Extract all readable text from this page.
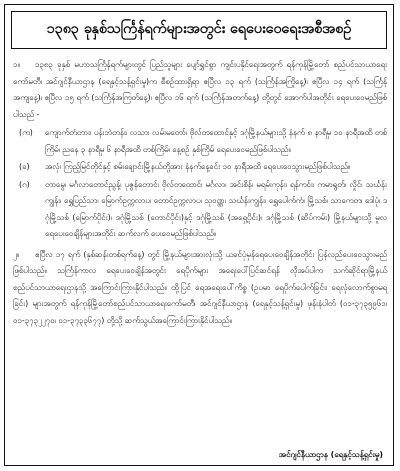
၁၃၈၃ ခုနှစ်သင်္ကြန်ရက်များအတွင်း ရေပေးဝေရေးအစီအစဉ်

၁။ ၁၃၈၃ ခုနှစ် မဟာသင်္ကြန်ရက်များတွင် ပြည်သူများ ပျော်ရွှင်စွာ ကျင်းပနိုင်ရေးအတွက် ရန်ကုန်မြို့တော် စည်ပင်သာယာရေးကော်မတီ၊ အင်ဂျင်နီယာဌာန (ရေနှင့်သန့်ရှင်းမှု)က စီစဉ်ထားရှိရာ ဧပြီလ ၁၃ ရက် (သင်္ကြန်အကြိုနေ့)၊ ဧပြီလ ၁၄ ရက် (သင်္ကြန်အကျနေ့)၊ ဧပြီလ ၁၅ ရက် (သင်္ကြန်အကြတ်နေ့)၊ ဧပြီလ ၁၆ ရက် (သင်္ကြန်အတက်နေ့) တို့တွင် အောက်ပါအတိုင်း ရေပေးဝေမည်ဖြစ်ပါသည် -

(က)	ကျောက်တံတား၊ ပန်းဘဲတန်း၊ လသာ၊ လမ်းမတော်၊ ဗိုလ်တထောင်နှင့် ဒဂုံမြို့နယ်များသို့ နံနက် ၈ နာရီမှ ၁၀ နာရီအထိ တစ်ကြိမ်၊ ညနေ ၃ နာရီမှ ၆ နာရီအထိ တစ်ကြိမ်၊ နေ့စဉ် နှစ်ကြိမ် ရေပေးဝေမည်ဖြစ်ပါသည်။
(ခ)	အလုံ၊ ကြည့်မြင်တိုင်နှင့် စမ်းချောင်းမြို့နယ်တို့အား နံနက်နေ့ခင်း ၁၀ နာရီအထိ ရေပေးဝေသွားမည်ဖြစ်ပါသည်။
(ဂ)	တာမွေ၊ မင်္ဂလာတောင်ညွန့်၊ ပုဇွန်တောင်၊ ဗိုလ်တထောင်၊ မင်္ဂလာ၊ အင်းစိန်၊ မရမ်းကုန်း၊ ရန်ကင်း၊ ကမာရွတ်၊ လှိုင်၊ သင်္ဃန်းကျွန်း၊ ရွှေပြည်သာ၊ မြောက်ဥက္ကလာပ၊ တောင်ဥက္ကလာပ၊ သုဝဏ္ဏ၊ သင်္ဃန်းကျွန်း၊ ရွှေပေါက်ကံ၊ မြို့သစ်၊ သာကေတ၊ ဒေါပုံ၊ ဒဂုံမြို့သစ် (မြောက်ပိုင်း)၊ ဒဂုံမြို့သစ် (တောင်ပိုင်း)နှင့် ဒဂုံမြို့သစ် (အရှေ့ပိုင်း)၊ ဒဂုံမြို့သစ် (ဆိပ်ကမ်း) မြို့နယ်များသို့ မူလရေပေးဝေချိန်များအတိုင်း ဆက်လက် ပေးဝေမည်ဖြစ်ပါသည်။

၂။ ဧပြီလ ၁၇ ရက် (နှစ်ဆန်းတစ်ရက်နေ့) တွင် မြို့နယ်များအားလုံးသို့ ယခင်ပုံမှန်ရေပေးဝေချိန်အတိုင်း ပြန်လည်ပေးဝေသွားမည်ဖြစ်ပါသည်။ သင်္ကြန်ကာလ ရေပေးဝေချိန်အတွင်း ရေပိုက်များ အရေးပေါ်ပြင်ဆင်ရန် လိုအပ်ပါက သက်ဆိုင်ရာမြို့နယ်စည်ပင်သာယာရေးဌာနသို့ အကြောင်းကြားနိုင်ပါသည်။ ထို့ပြင် ရေအရေးပေါ်ကိစ္စ (ဥပမာ ရေပိုက်ပေါက်ခြင်း၊ ရေလုံလောက်စွာမရခြင်း) များအတွက် ရန်ကုန်မြို့တော်စည်ပင်သာယာရေးကော်မတီ၊ အင်ဂျင်နီယာဌာန (ရေနှင့်သန့်ရှင်းမှု) ဖုန်းနံပါတ် (၀၁-၃၇၃၅၉၆၁၊ ၀၁-၃၇၃၂၂၇၀၊ ၀၁-၃၇၃၃၆၇၇) တို့သို့ ဆက်သွယ်အကြောင်းကြားနိုင်ပါသည်။

အင်ဂျင်နီယာဌာန (ရေနှင့်သန့်ရှင်းမှု)
